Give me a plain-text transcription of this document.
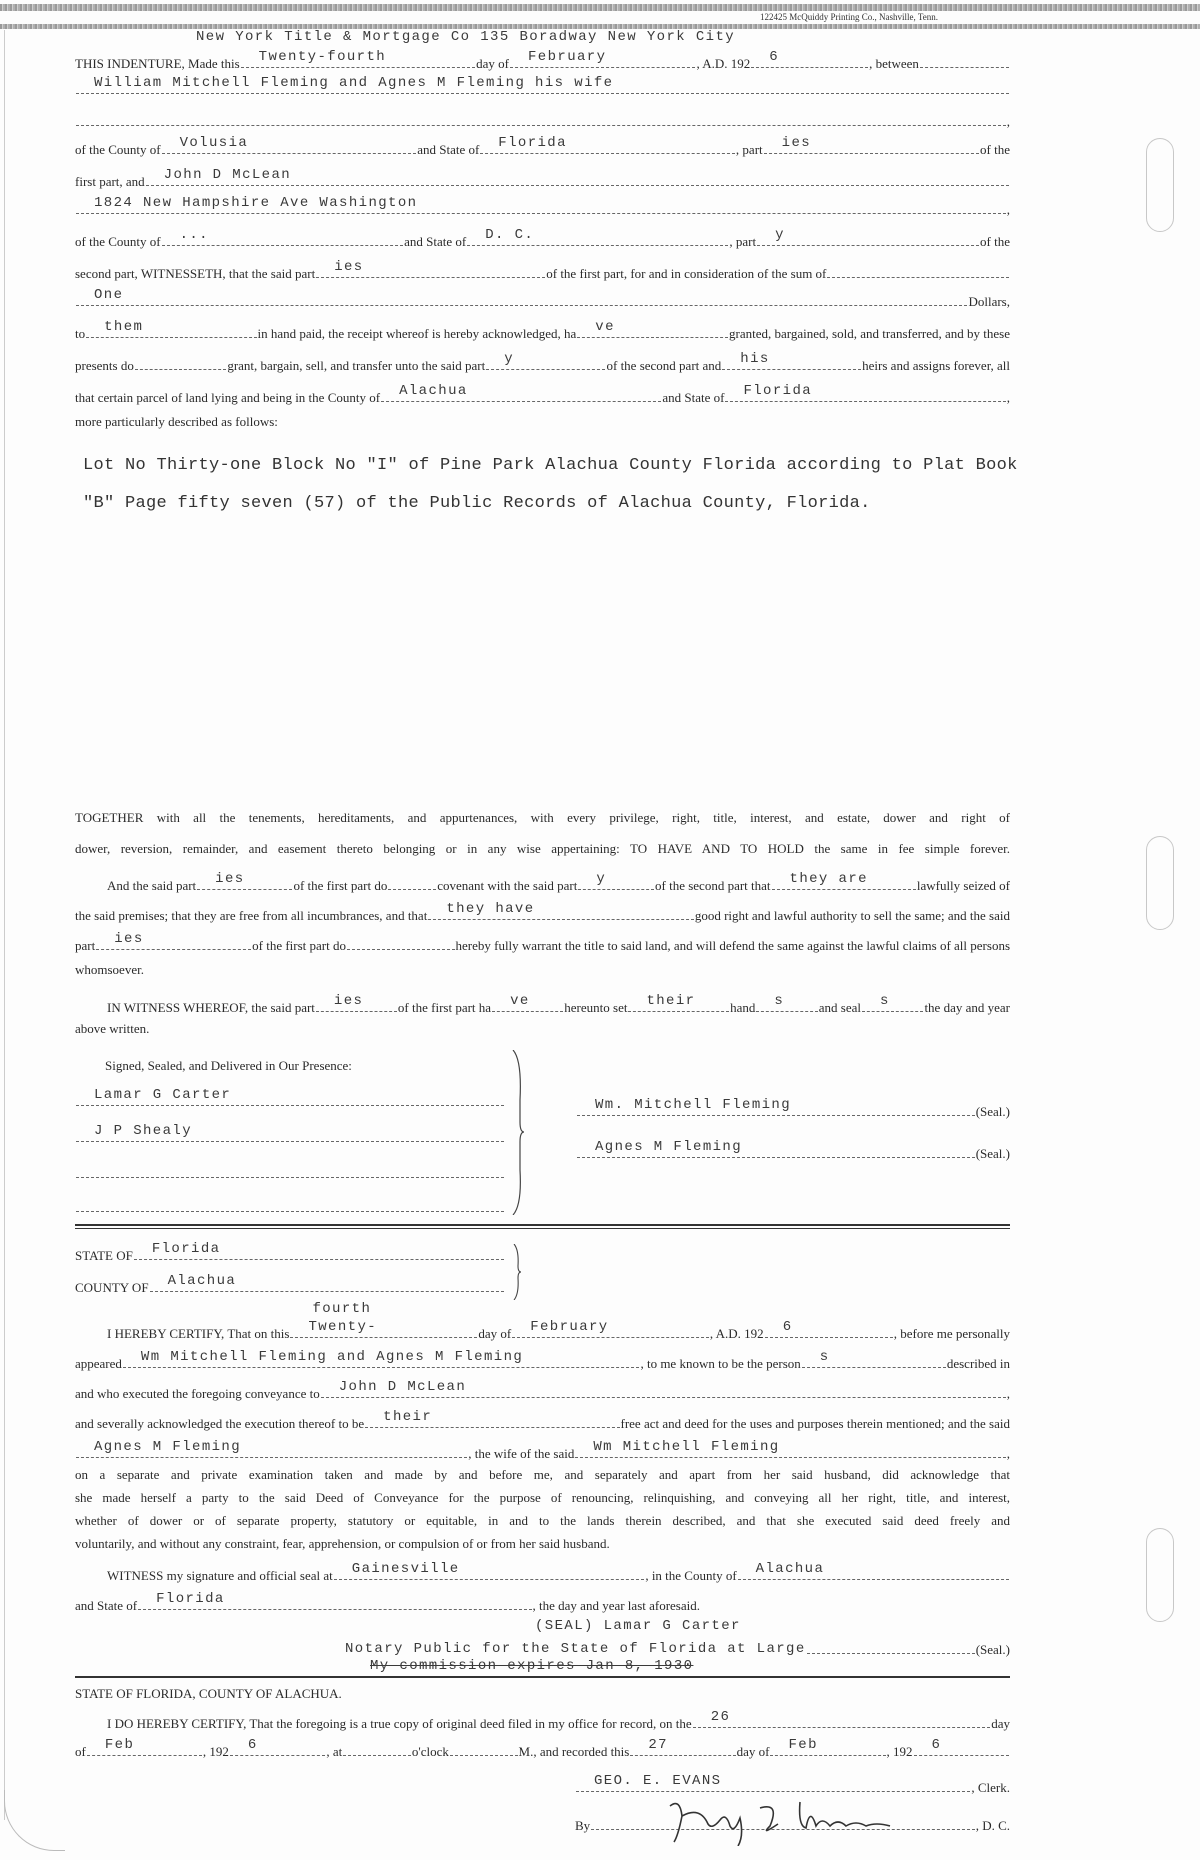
122425 McQuiddy Printing Co., Nashville, Tenn.
New York Title & Mortgage Co 135 Boradway New York City
THIS INDENTURE, Made this	Twenty-fourth	day of	February	, A.D. 192	6	, between
William Mitchell Fleming and Agnes M Fleming his wife
,
of the County of	Volusia	and State of	Florida	, part	ies	of the
first part, and	John D McLean
1824 New Hampshire Ave Washington	,
of the County of	...	and State of	D. C.	, part	y	of the
second part, WITNESSETH, that the said part	ies	of the first part, for and in consideration of the sum of
One	Dollars,
to	them	in hand paid, the receipt whereof is hereby acknowledged, ha	ve	granted, bargained, sold, and transferred, and by these
presents do	grant, bargain, sell, and transfer unto the said part	y	of the second part and	his	heirs and assigns forever, all
that certain parcel of land lying and being in the County of	Alachua	and State of	Florida	,
more particularly described as follows:
Lot No Thirty-one Block No "I" of Pine Park Alachua County Florida according to Plat Book
"B" Page fifty seven (57) of the Public Records of Alachua County, Florida.
TOGETHER with all the tenements, hereditaments, and appurtenances, with every privilege, right, title, interest, and estate, dower and right of
dower, reversion, remainder, and easement thereto belonging or in any wise appertaining: TO HAVE AND TO HOLD the same in fee simple forever.
And the said part	ies	of the first part do	covenant with the said part	y	of the second part that	they are	lawfully seized of
the said premises; that they are free from all incumbrances, and that	they have	good right and lawful authority to sell the same; and the said
part	ies	of the first part do	hereby fully warrant the title to said land, and will defend the same against the lawful claims of all persons
whomsoever.
IN WITNESS WHEREOF, the said part	ies	of the first part ha	ve	hereunto set	their	hand	s	and seal	s	the day and year
above written.
Signed, Sealed, and Delivered in Our Presence:
Lamar G Carter
J P Shealy
Wm. Mitchell Fleming	(Seal.)
Agnes M Fleming	(Seal.)
STATE OF	Florida
COUNTY OF	Alachua
I HEREBY CERTIFY, That on this	Twenty-
fourth
day of	February	, A.D. 192	6	, before me personally
appeared	Wm Mitchell Fleming and Agnes M Fleming	, to me known to be the person	s	described in
and who executed the foregoing conveyance to	John D McLean	,
and severally acknowledged the execution thereof to be	their	free act and deed for the uses and purposes therein mentioned; and the said
Agnes M Fleming	, the wife of the said	Wm Mitchell Fleming	,
on a separate and private examination taken and made by and before me, and separately and apart from her said husband, did acknowledge that
she made herself a party to the said Deed of Conveyance for the purpose of renouncing, relinquishing, and conveying all her right, title, and interest,
whether of dower or of separate property, statutory or equitable, in and to the lands therein described, and that she executed said deed freely and
voluntarily, and without any constraint, fear, apprehension, or compulsion of or from her said husband.
WITNESS my signature and official seal at	Gainesville	, in the County of	Alachua
and State of	Florida	, the day and year last aforesaid.
(SEAL) Lamar G Carter
Notary Public for the State of Florida at Large	(Seal.)
My commission expires Jan 8, 1930
STATE OF FLORIDA, COUNTY OF ALACHUA.
I DO HEREBY CERTIFY, That the foregoing is a true copy of original deed filed in my office for record, on the	26	day
of	Feb	, 192	6	, at	o'clock	M., and recorded this	27	day of	Feb	, 192	6
GEO. E. EVANS	, Clerk.
By	, D. C.
